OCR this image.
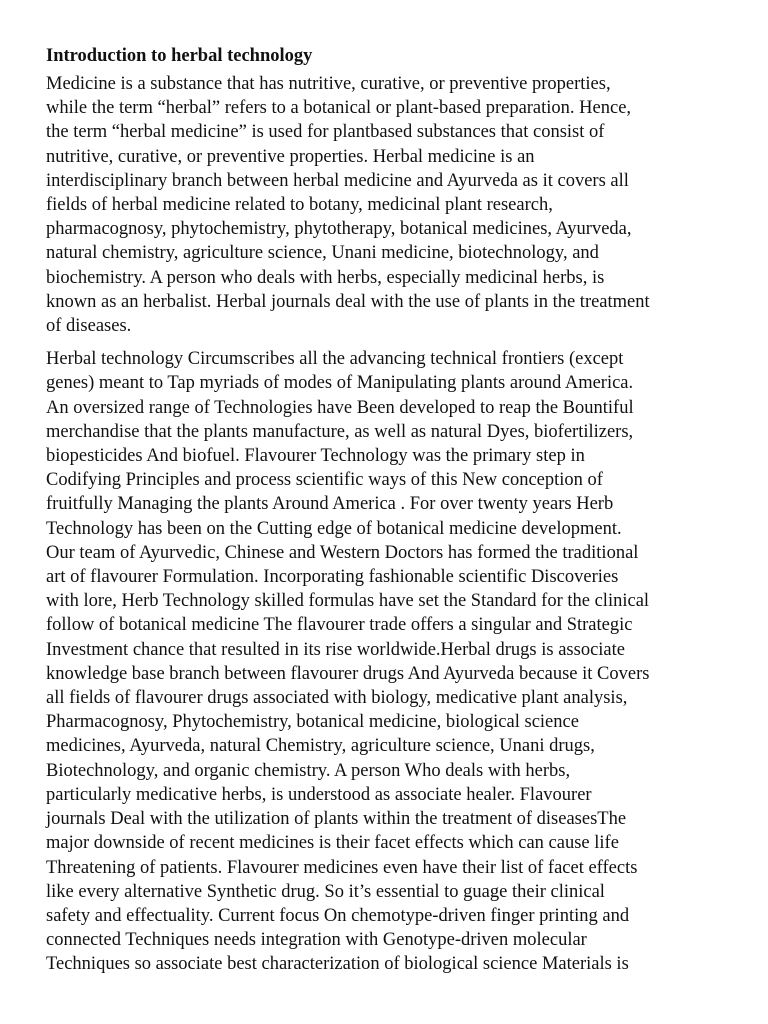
Introduction to herbal technology
Medicine is a substance that has nutritive, curative, or preventive properties,
while the term “herbal” refers to a botanical or plant-based preparation. Hence,
the term “herbal medicine” is used for plantbased substances that consist of
nutritive, curative, or preventive properties. Herbal medicine is an
interdisciplinary branch between herbal medicine and Ayurveda as it covers all
fields of herbal medicine related to botany, medicinal plant research,
pharmacognosy, phytochemistry, phytotherapy, botanical medicines, Ayurveda,
natural chemistry, agriculture science, Unani medicine, biotechnology, and
biochemistry. A person who deals with herbs, especially medicinal herbs, is
known as an herbalist. Herbal journals deal with the use of plants in the treatment
of diseases.
Herbal technology Circumscribes all the advancing technical frontiers (except
genes) meant to Tap myriads of modes of Manipulating plants around America.
An oversized range of Technologies have Been developed to reap the Bountiful
merchandise that the plants manufacture, as well as natural Dyes, biofertilizers,
biopesticides And biofuel. Flavourer Technology was the primary step in
Codifying Principles and process scientific ways of this New conception of
fruitfully Managing the plants Around America . For over twenty years Herb
Technology has been on the Cutting edge of botanical medicine development.
Our team of Ayurvedic, Chinese and Western Doctors has formed the traditional
art of flavourer Formulation. Incorporating fashionable scientific Discoveries
with lore, Herb Technology skilled formulas have set the Standard for the clinical
follow of botanical medicine The flavourer trade offers a singular and Strategic
Investment chance that resulted in its rise worldwide.Herbal drugs is associate
knowledge base branch between flavourer drugs And Ayurveda because it Covers
all fields of flavourer drugs associated with biology, medicative plant analysis,
Pharmacognosy, Phytochemistry, botanical medicine, biological science
medicines, Ayurveda, natural Chemistry, agriculture science, Unani drugs,
Biotechnology, and organic chemistry. A person Who deals with herbs,
particularly medicative herbs, is understood as associate healer. Flavourer
journals Deal with the utilization of plants within the treatment of diseasesThe
major downside of recent medicines is their facet effects which can cause life
Threatening of patients. Flavourer medicines even have their list of facet effects
like every alternative Synthetic drug. So it’s essential to guage their clinical
safety and effectuality. Current focus On chemotype-driven finger printing and
connected Techniques needs integration with Genotype-driven molecular
Techniques so associate best characterization of biological science Materials is
